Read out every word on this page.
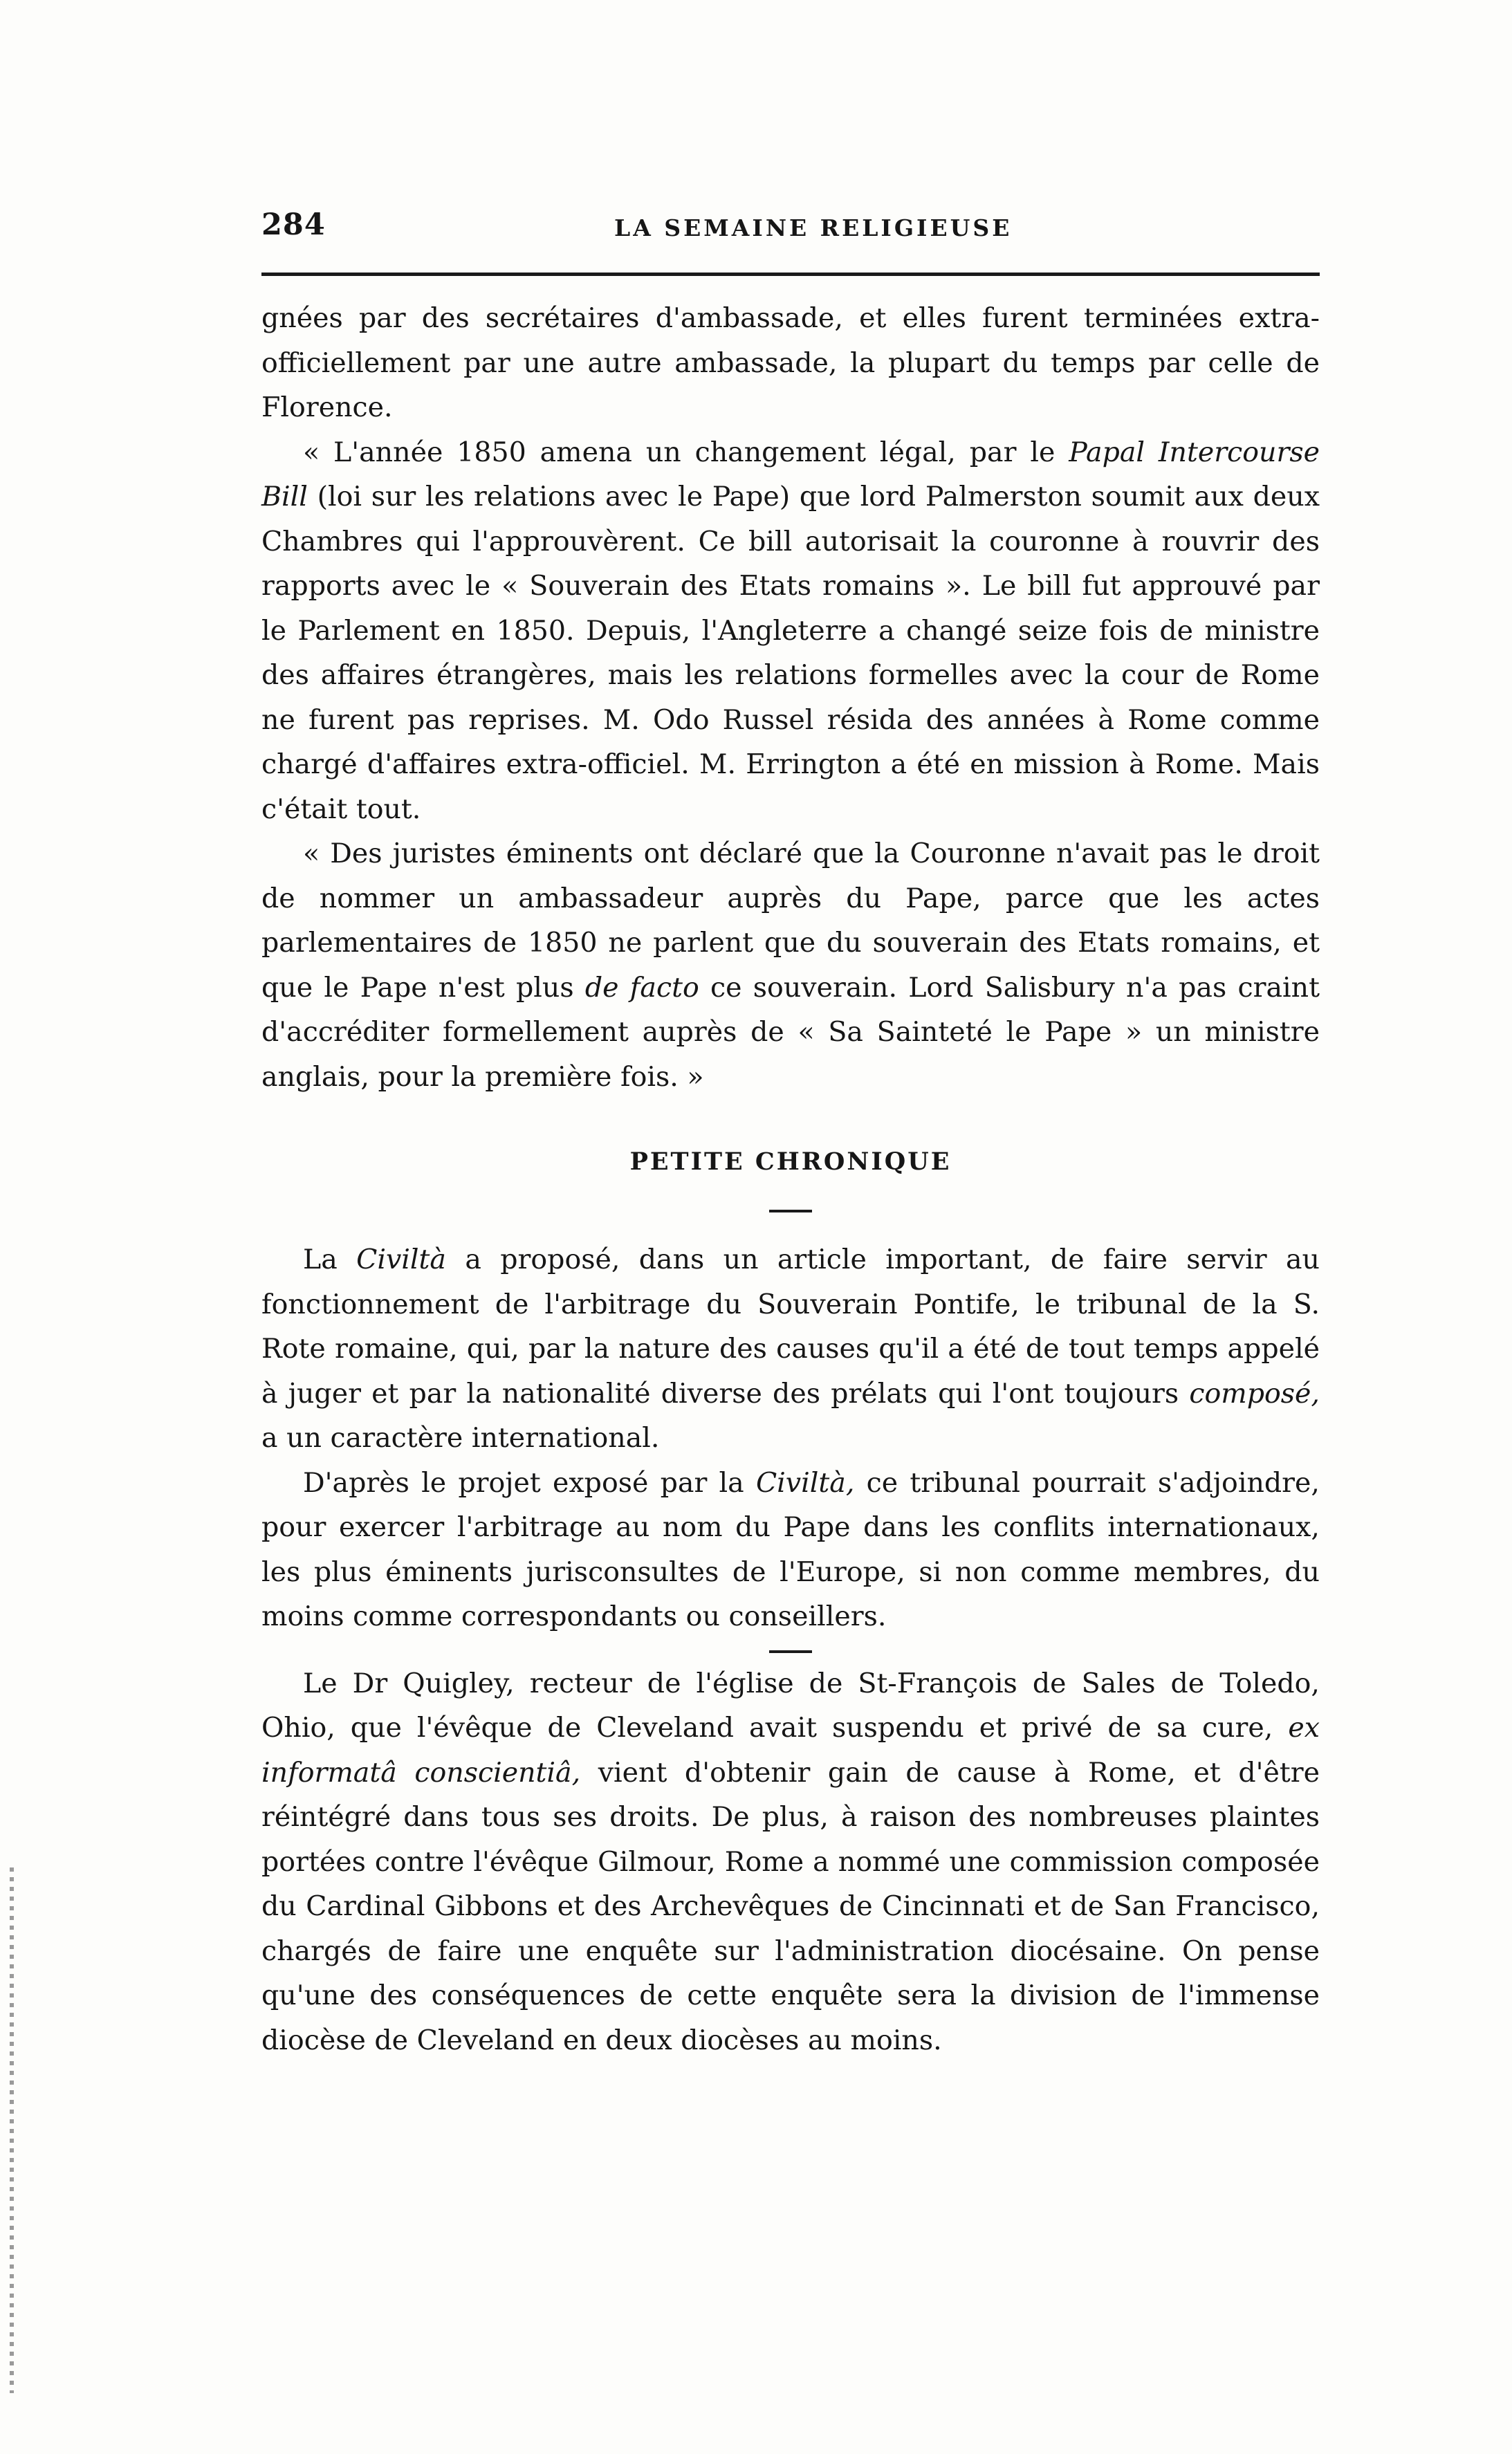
284	LA SEMAINE RELIGIEUSE

gnées par des secrétaires d'ambassade, et elles furent terminées extra-officiellement par une autre ambassade, la plupart du temps par celle de Florence.

« L'année 1850 amena un changement légal, par le Papal Intercourse Bill (loi sur les relations avec le Pape) que lord Palmerston soumit aux deux Chambres qui l'approuvèrent. Ce bill autorisait la couronne à rouvrir des rapports avec le « Souverain des Etats romains ». Le bill fut approuvé par le Parlement en 1850. Depuis, l'Angleterre a changé seize fois de ministre des affaires étrangères, mais les relations formelles avec la cour de Rome ne furent pas reprises. M. Odo Russel résida des années à Rome comme chargé d'affaires extra-officiel. M. Errington a été en mission à Rome. Mais c'était tout.

« Des juristes éminents ont déclaré que la Couronne n'avait pas le droit de nommer un ambassadeur auprès du Pape, parce que les actes parlementaires de 1850 ne parlent que du souverain des Etats romains, et que le Pape n'est plus de facto ce souverain. Lord Salisbury n'a pas craint d'accréditer formellement auprès de « Sa Sainteté le Pape » un ministre anglais, pour la première fois. »

PETITE CHRONIQUE

La Civiltà a proposé, dans un article important, de faire servir au fonctionnement de l'arbitrage du Souverain Pontife, le tribunal de la S. Rote romaine, qui, par la nature des causes qu'il a été de tout temps appelé à juger et par la nationalité diverse des prélats qui l'ont toujours composé, a un caractère international.

D'après le projet exposé par la Civiltà, ce tribunal pourrait s'adjoindre, pour exercer l'arbitrage au nom du Pape dans les conflits internationaux, les plus éminents jurisconsultes de l'Europe, si non comme membres, du moins comme correspondants ou conseillers.

Le Dr Quigley, recteur de l'église de St-François de Sales de Toledo, Ohio, que l'évêque de Cleveland avait suspendu et privé de sa cure, ex informatâ conscientiâ, vient d'obtenir gain de cause à Rome, et d'être réintégré dans tous ses droits. De plus, à raison des nombreuses plaintes portées contre l'évêque Gilmour, Rome a nommé une commission composée du Cardinal Gibbons et des Archevêques de Cincinnati et de San Francisco, chargés de faire une enquête sur l'administration diocésaine. On pense qu'une des conséquences de cette enquête sera la division de l'immense diocèse de Cleveland en deux diocèses au moins.
